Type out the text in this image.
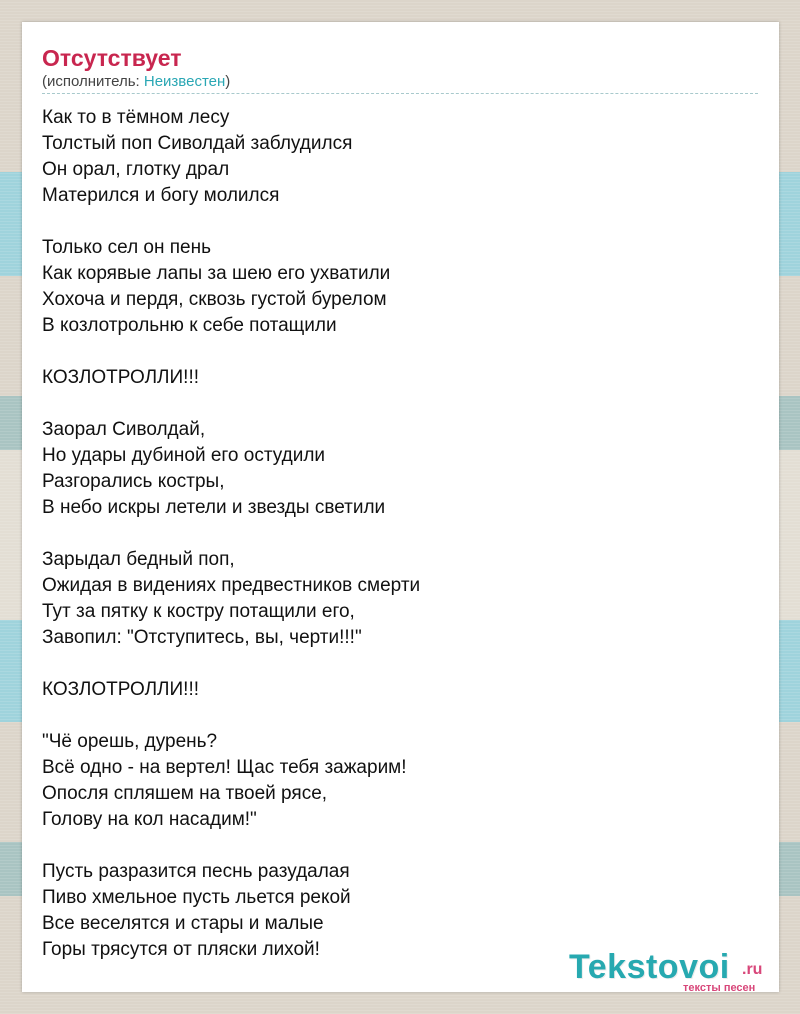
Отсутствует
(исполнитель: Неизвестен)
Как то в тёмном лесу
Толстый поп Сиволдай заблудился
Он орал, глотку драл
Матерился и богу молился
Только сел он пень
Как корявые лапы за шею его ухватили
Хохоча и пердя, сквозь густой бурелом
В козлотрольню к себе потащили
КОЗЛОТРОЛЛИ!!!
Заорал Сиволдай,
Но удары дубиной его остудили
Разгорались костры,
В небо искры летели и звезды светили
Зарыдал бедный поп,
Ожидая в видениях предвестников смерти
Тут за пятку к костру потащили его,
Завопил: "Отступитесь, вы, черти!!!"
КОЗЛОТРОЛЛИ!!!
"Чё орешь, дурень?
Всё одно - на вертел! Щас тебя зажарим!
Опосля спляшем на твоей рясе,
Голову на кол насадим!"
Пусть разразится песнь разудалая
Пиво хмельное пусть льется рекой
Все веселятся и стары и малые
Горы трясутся от пляски лихой!	Tekstovoi .ru
тексты песен
